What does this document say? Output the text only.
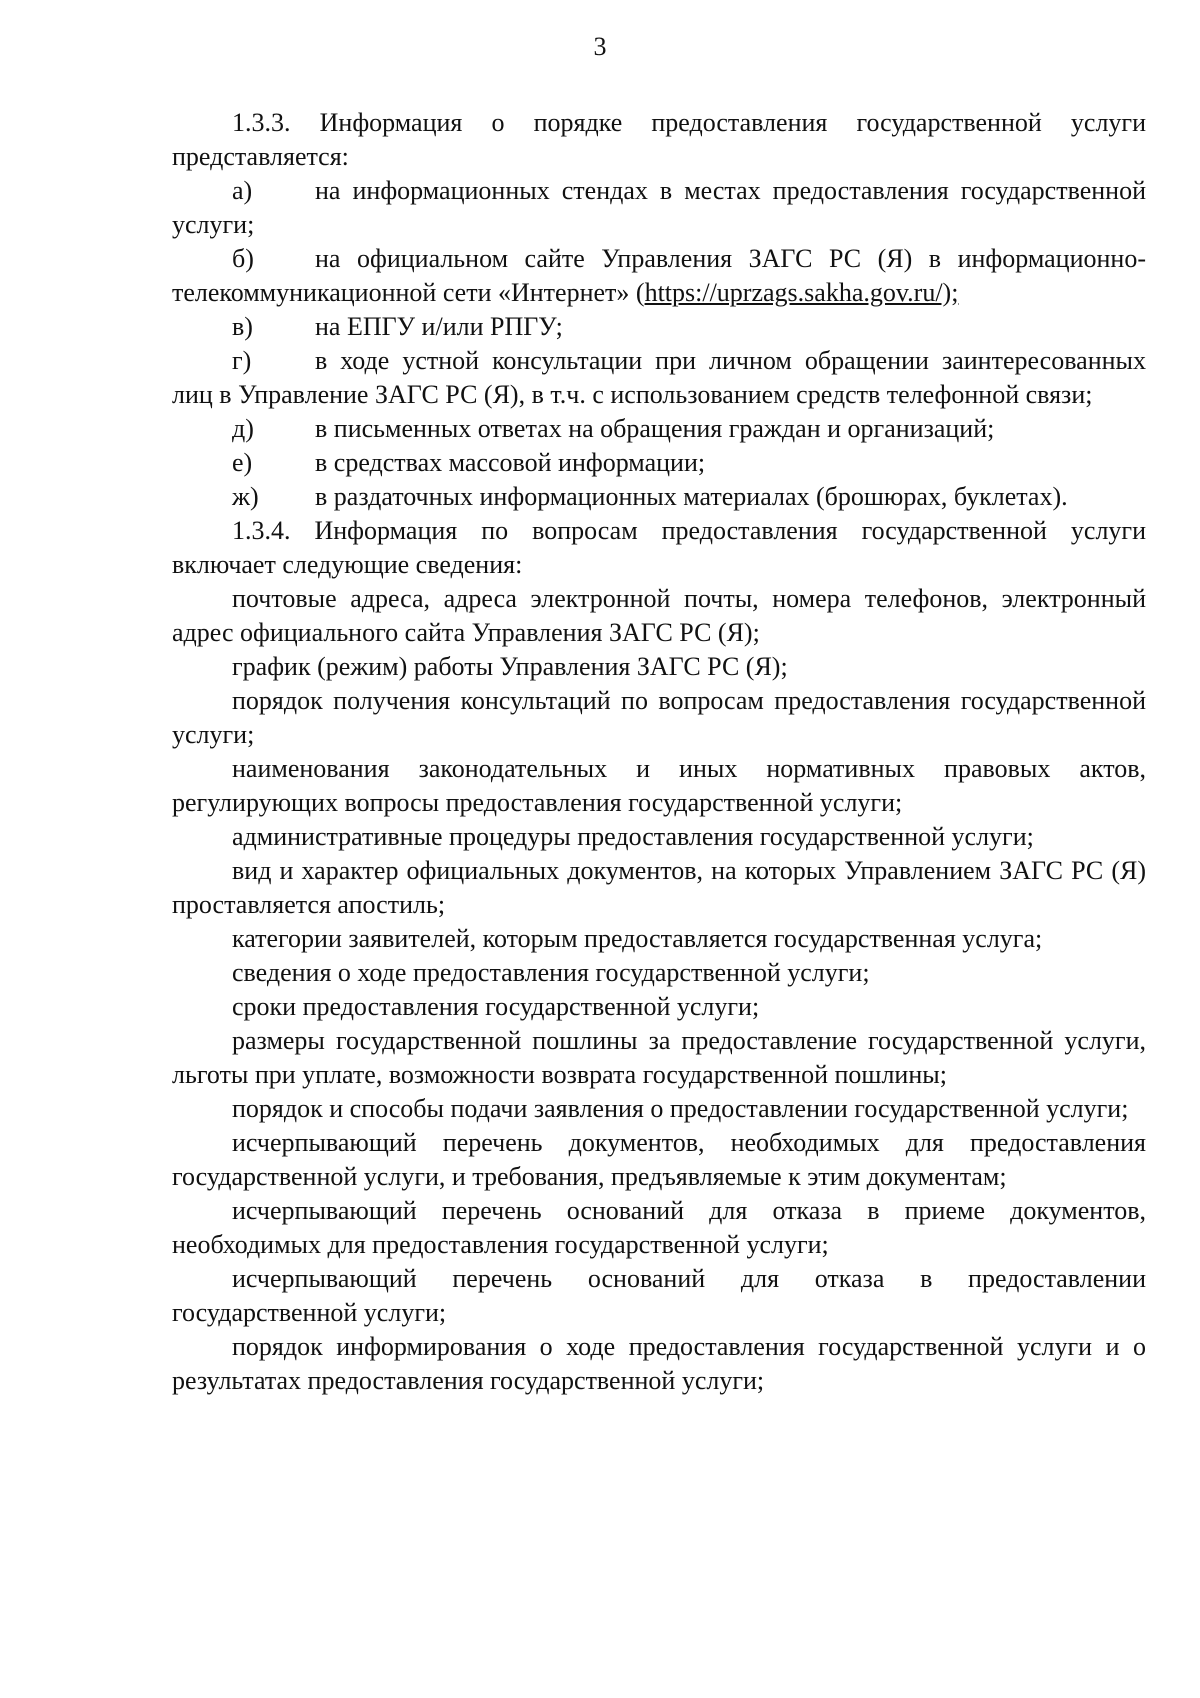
3

1.3.3. Информация о порядке предоставления государственной услуги представляется:

а) на информационных стендах в местах предоставления государственной услуги;

б) на официальном сайте Управления ЗАГС РС (Я) в информационно-телекоммуникационной сети «Интернет» (https://uprzags.sakha.gov.ru/);

в) на ЕПГУ и/или РПГУ;

г) в ходе устной консультации при личном обращении заинтересованных лиц в Управление ЗАГС РС (Я), в т.ч. с использованием средств телефонной связи;

д) в письменных ответах на обращения граждан и организаций;

е) в средствах массовой информации;

ж) в раздаточных информационных материалах (брошюрах, буклетах).

1.3.4. Информация по вопросам предоставления государственной услуги включает следующие сведения:

почтовые адреса, адреса электронной почты, номера телефонов, электронный адрес официального сайта Управления ЗАГС РС (Я);

график (режим) работы Управления ЗАГС РС (Я);

порядок получения консультаций по вопросам предоставления государственной услуги;

наименования законодательных и иных нормативных правовых актов, регулирующих вопросы предоставления государственной услуги;

административные процедуры предоставления государственной услуги;

вид и характер официальных документов, на которых Управлением ЗАГС РС (Я) проставляется апостиль;

категории заявителей, которым предоставляется государственная услуга;

сведения о ходе предоставления государственной услуги;

сроки предоставления государственной услуги;

размеры государственной пошлины за предоставление государственной услуги, льготы при уплате, возможности возврата государственной пошлины;

порядок и способы подачи заявления о предоставлении государственной услуги;

исчерпывающий перечень документов, необходимых для предоставления государственной услуги, и требования, предъявляемые к этим документам;

исчерпывающий перечень оснований для отказа в приеме документов, необходимых для предоставления государственной услуги;

исчерпывающий перечень оснований для отказа в предоставлении государственной услуги;

порядок информирования о ходе предоставления государственной услуги и о результатах предоставления государственной услуги;
